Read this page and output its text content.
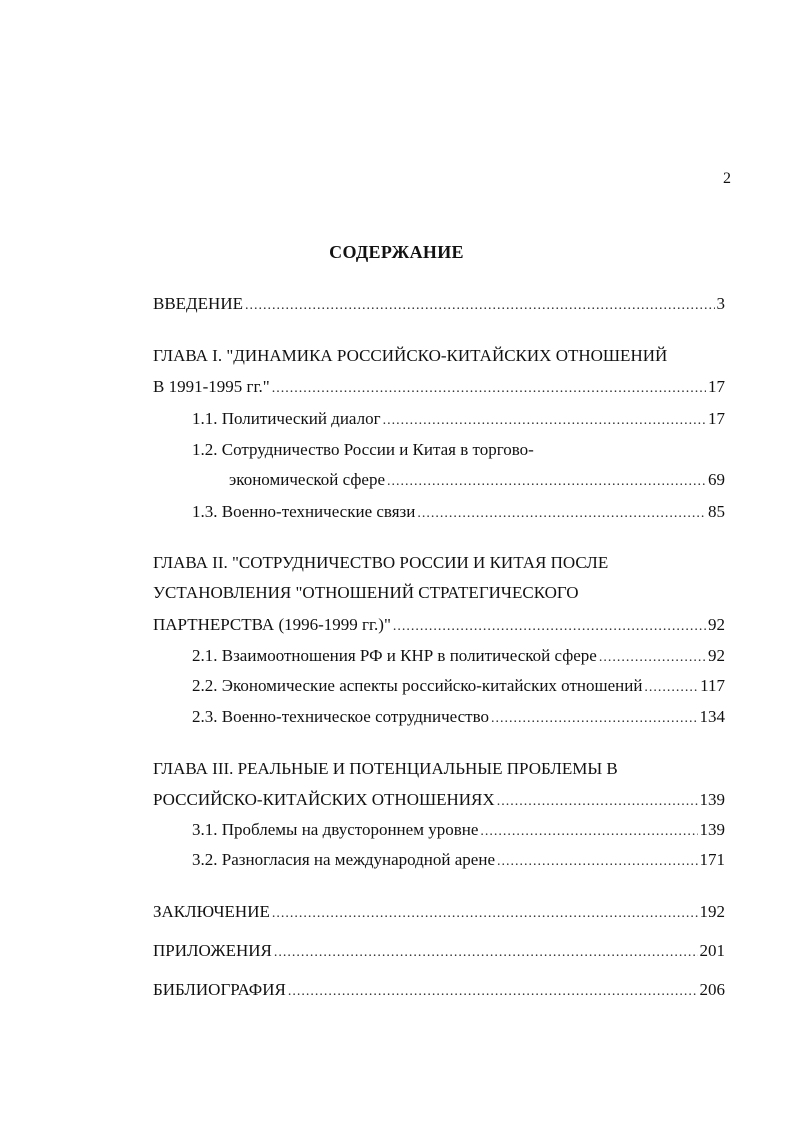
2
СОДЕРЖАНИЕ
ВВЕДЕНИЕ .....	3
ГЛАВА I. "ДИНАМИКА РОССИЙСКО-КИТАЙСКИХ ОТНОШЕНИЙ
В 1991-1995 гг." .....	17
1.1. Политический диалог .....	17
1.2. Сотрудничество России и Китая в торгово-
экономической сфере .....	69
1.3. Военно-технические связи .....	85
ГЛАВА II. "СОТРУДНИЧЕСТВО РОССИИ И КИТАЯ ПОСЛЕ
УСТАНОВЛЕНИЯ "ОТНОШЕНИЙ СТРАТЕГИЧЕСКОГО
ПАРТНЕРСТВА (1996-1999 гг.)" .....	92
2.1. Взаимоотношения РФ и КНР в политической сфере .....	92
2.2. Экономические аспекты российско-китайских отношений .....	117
2.3. Военно-техническое сотрудничество .....	134
ГЛАВА III. РЕАЛЬНЫЕ И ПОТЕНЦИАЛЬНЫЕ ПРОБЛЕМЫ В
РОССИЙСКО-КИТАЙСКИХ ОТНОШЕНИЯХ .....	139
3.1. Проблемы на двустороннем уровне .....	139
3.2. Разногласия на международной арене .....	171
ЗАКЛЮЧЕНИЕ .....	192
ПРИЛОЖЕНИЯ .....	201
БИБЛИОГРАФИЯ .....	206
